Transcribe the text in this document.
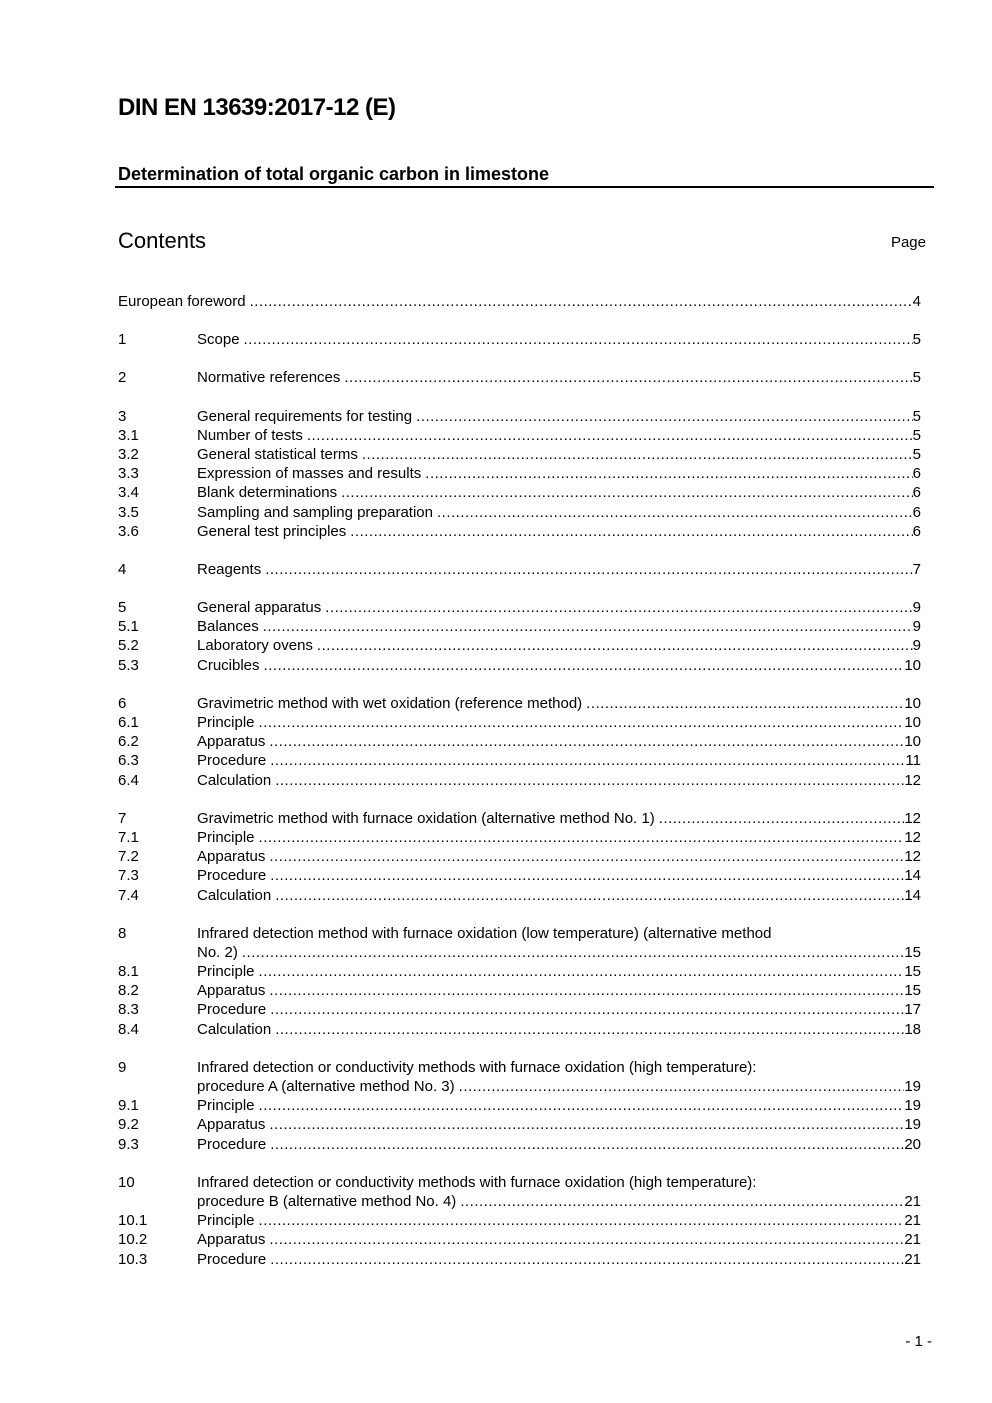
DIN EN 13639:2017-12 (E)
Determination of total organic carbon in limestone
Contents	Page
European foreword .....	4
1	Scope .....	5
2	Normative references .....	5
3	General requirements for testing .....	5
3.1	Number of tests .....	5
3.2	General statistical terms .....	5
3.3	Expression of masses and results .....	6
3.4	Blank determinations .....	6
3.5	Sampling and sampling preparation .....	6
3.6	General test principles .....	6
4	Reagents .....	7
5	General apparatus .....	9
5.1	Balances .....	9
5.2	Laboratory ovens .....	9
5.3	Crucibles .....	10
6	Gravimetric method with wet oxidation (reference method) .....	10
6.1	Principle .....	10
6.2	Apparatus .....	10
6.3	Procedure .....	11
6.4	Calculation .....	12
7	Gravimetric method with furnace oxidation (alternative method No. 1) .....	12
7.1	Principle .....	12
7.2	Apparatus .....	12
7.3	Procedure .....	14
7.4	Calculation .....	14
8	Infrared detection method with furnace oxidation (low temperature) (alternative method
No. 2) .....	15
8.1	Principle .....	15
8.2	Apparatus .....	15
8.3	Procedure .....	17
8.4	Calculation .....	18
9	Infrared detection or conductivity methods with furnace oxidation (high temperature):
procedure A (alternative method No. 3) .....	19
9.1	Principle .....	19
9.2	Apparatus .....	19
9.3	Procedure .....	20
10	Infrared detection or conductivity methods with furnace oxidation (high temperature):
procedure B (alternative method No. 4) .....	21
10.1	Principle .....	21
10.2	Apparatus .....	21
10.3	Procedure .....	21
- 1 -
